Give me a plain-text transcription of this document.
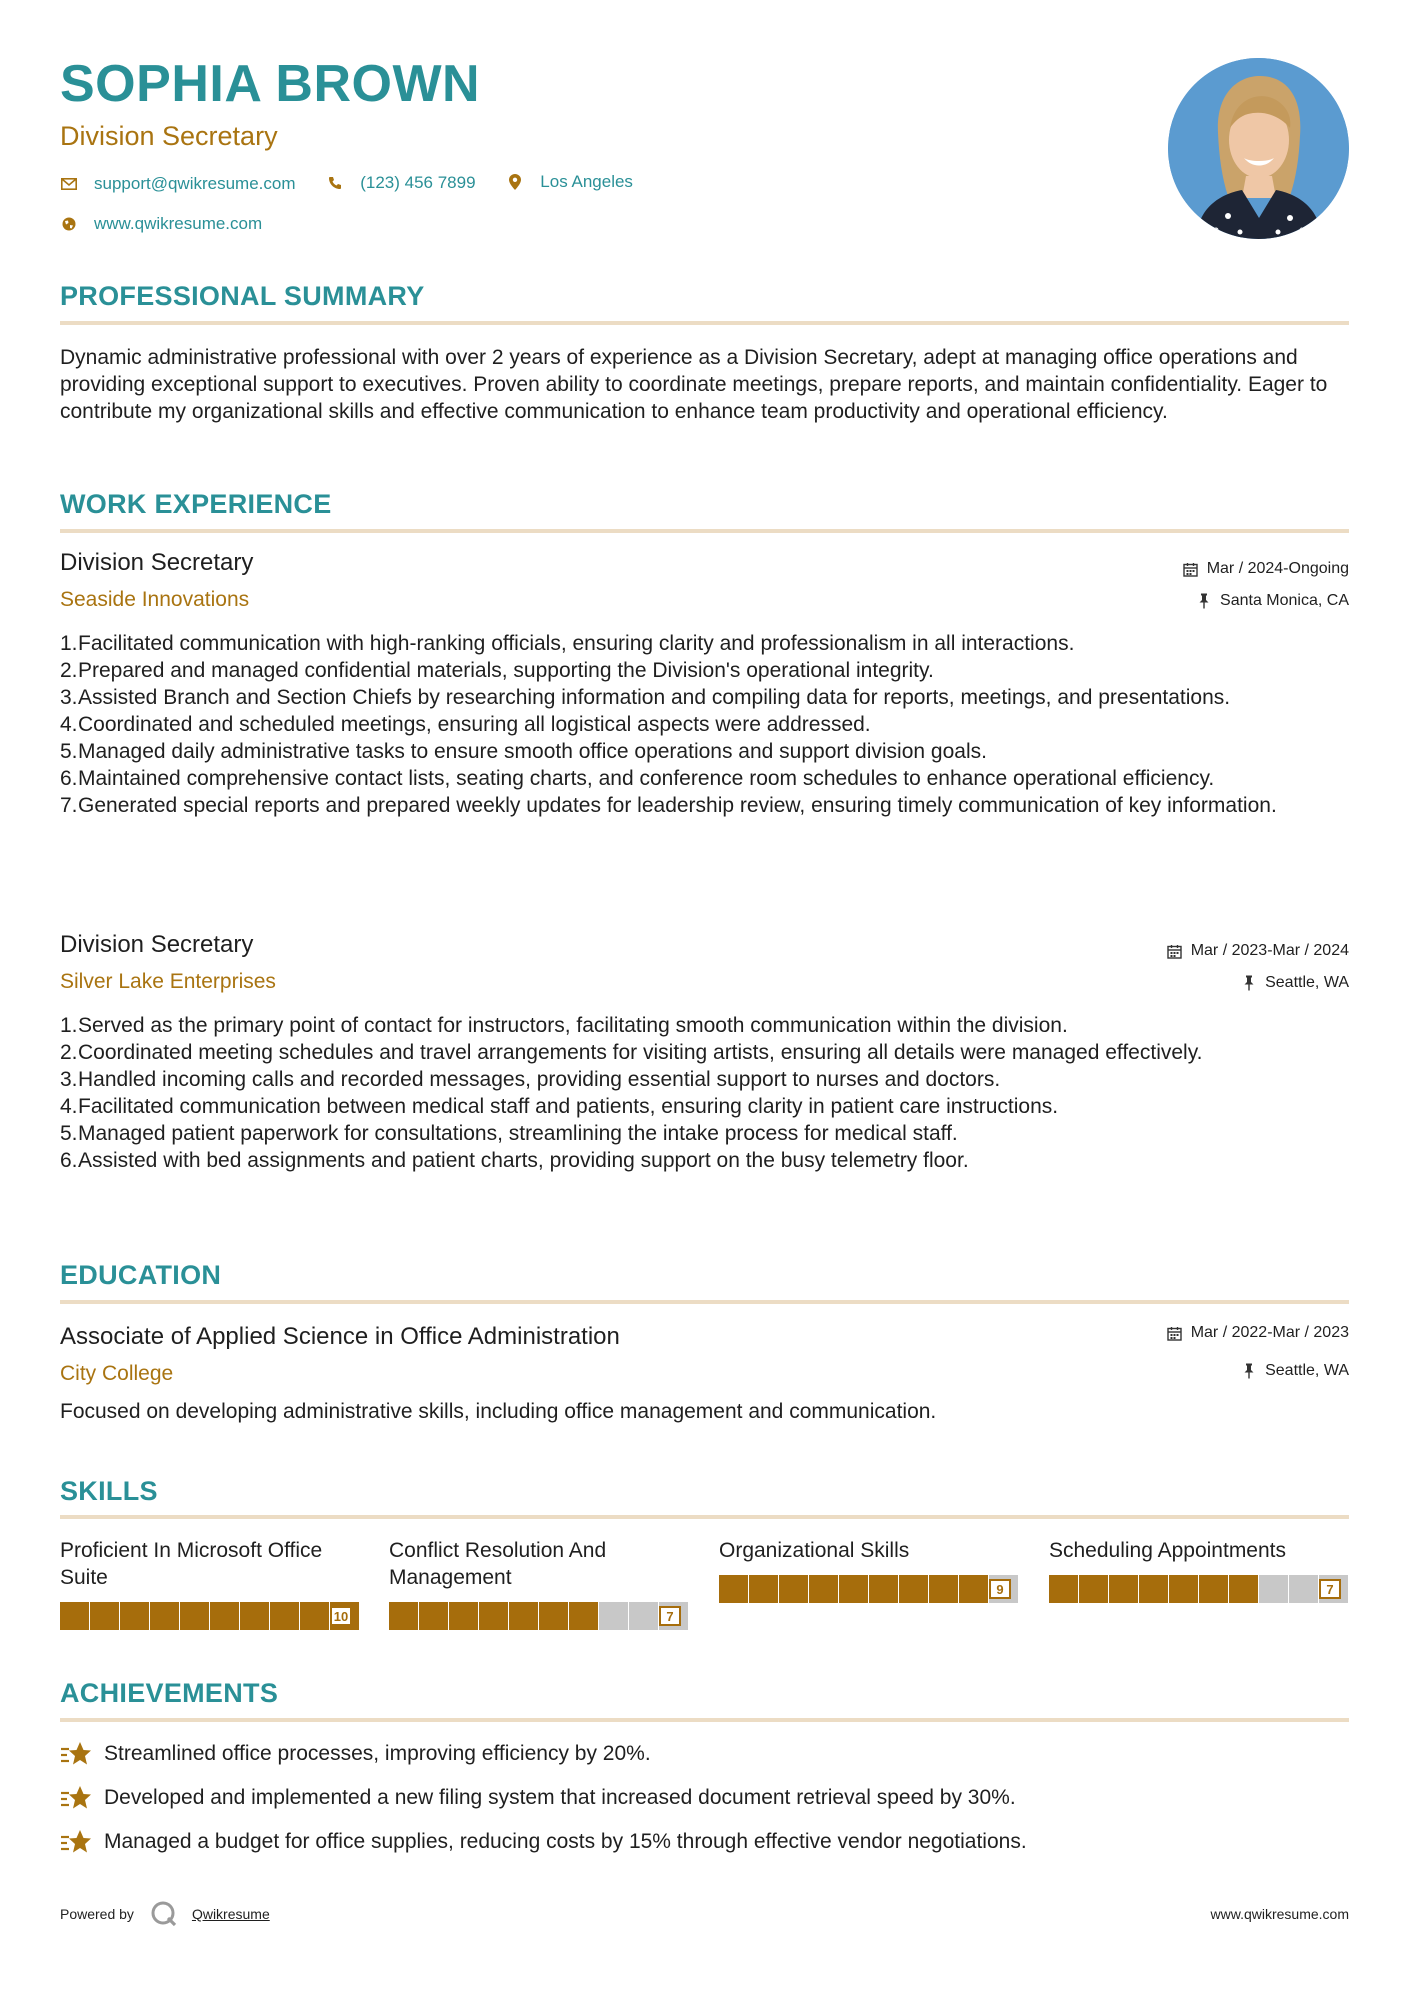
SOPHIA BROWN
Division Secretary
support@qwikresume.com
	(123) 456 7899
	Los Angeles
www.qwikresume.com
PROFESSIONAL SUMMARY
Dynamic administrative professional with over 2 years of experience as a Division Secretary, adept at managing office operations and providing exceptional support to executives. Proven ability to coordinate meetings, prepare reports, and maintain confidentiality. Eager to contribute my organizational skills and effective communication to enhance team productivity and operational efficiency.
WORK EXPERIENCE
Division Secretary
Seaside Innovations
Mar / 2024-Ongoing
Santa Monica, CA
1. Facilitated communication with high-ranking officials, ensuring clarity and professionalism in all interactions.
2. Prepared and managed confidential materials, supporting the Division's operational integrity.
3. Assisted Branch and Section Chiefs by researching information and compiling data for reports, meetings, and presentations.
4. Coordinated and scheduled meetings, ensuring all logistical aspects were addressed.
5. Managed daily administrative tasks to ensure smooth office operations and support division goals.
6. Maintained comprehensive contact lists, seating charts, and conference room schedules to enhance operational efficiency.
7. Generated special reports and prepared weekly updates for leadership review, ensuring timely communication of key information.
Division Secretary
Silver Lake Enterprises
Mar / 2023-Mar / 2024
Seattle, WA
1. Served as the primary point of contact for instructors, facilitating smooth communication within the division.
2. Coordinated meeting schedules and travel arrangements for visiting artists, ensuring all details were managed effectively.
3. Handled incoming calls and recorded messages, providing essential support to nurses and doctors.
4. Facilitated communication between medical staff and patients, ensuring clarity in patient care instructions.
5. Managed patient paperwork for consultations, streamlining the intake process for medical staff.
6. Assisted with bed assignments and patient charts, providing support on the busy telemetry floor.
EDUCATION
Associate of Applied Science in Office Administration
City College
Mar / 2022-Mar / 2023
Seattle, WA
Focused on developing administrative skills, including office management and communication.
SKILLS
Proficient In Microsoft Office Suite
10
Conflict Resolution And Management
7
Organizational Skills
9
Scheduling Appointments
7
ACHIEVEMENTS
Streamlined office processes, improving efficiency by 20%.
Developed and implemented a new filing system that increased document retrieval speed by 30%.
Managed a budget for office supplies, reducing costs by 15% through effective vendor negotiations.
Powered by	Qwikresume	www.qwikresume.com
